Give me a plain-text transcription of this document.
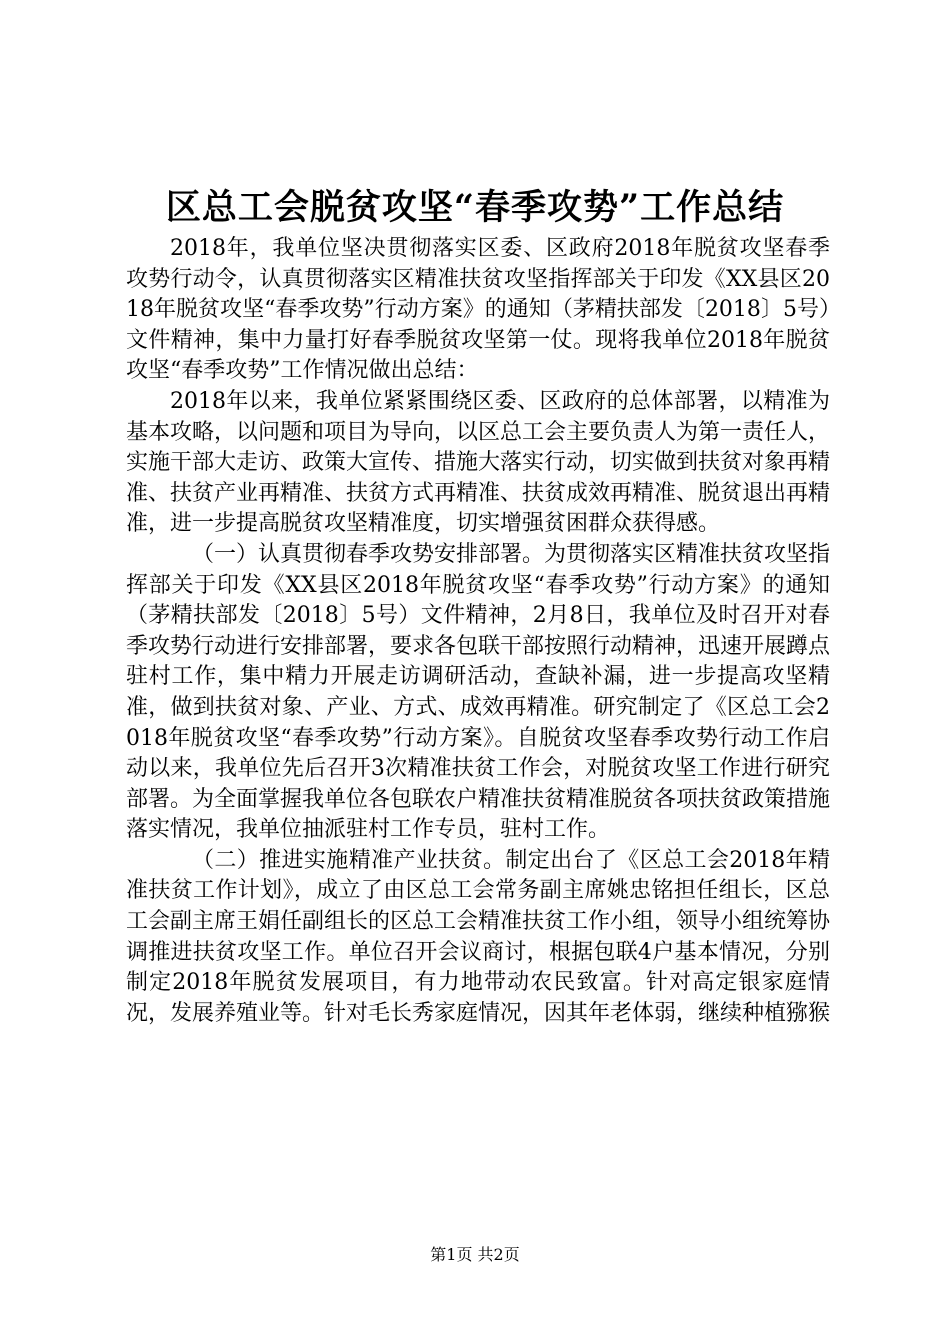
区总工会脱贫攻坚“春季攻势”工作总结

2018年，我单位坚决贯彻落实区委、区政府2018年脱贫攻坚春季攻势行动令，认真贯彻落实区精准扶贫攻坚指挥部关于印发《XX县区2018年脱贫攻坚“春季攻势”行动方案》的通知（茅精扶部发〔2018〕5号）文件精神，集中力量打好春季脱贫攻坚第一仗。现将我单位2018年脱贫攻坚“春季攻势”工作情况做出总结：

2018年以来，我单位紧紧围绕区委、区政府的总体部署，以精准为基本攻略，以问题和项目为导向，以区总工会主要负责人为第一责任人，实施干部大走访、政策大宣传、措施大落实行动，切实做到扶贫对象再精准、扶贫产业再精准、扶贫方式再精准、扶贫成效再精准、脱贫退出再精准，进一步提高脱贫攻坚精准度，切实增强贫困群众获得感。

（一）认真贯彻春季攻势安排部署。为贯彻落实区精准扶贫攻坚指挥部关于印发《XX县区2018年脱贫攻坚“春季攻势”行动方案》的通知（茅精扶部发〔2018〕5号）文件精神，2月8日，我单位及时召开对春季攻势行动进行安排部署，要求各包联干部按照行动精神，迅速开展蹲点驻村工作，集中精力开展走访调研活动，查缺补漏，进一步提高攻坚精准，做到扶贫对象、产业、方式、成效再精准。研究制定了《区总工会2018年脱贫攻坚“春季攻势”行动方案》。自脱贫攻坚春季攻势行动工作启动以来，我单位先后召开3次精准扶贫工作会，对脱贫攻坚工作进行研究部署。为全面掌握我单位各包联农户精准扶贫精准脱贫各项扶贫政策措施落实情况，我单位抽派驻村工作专员，驻村工作。

（二）推进实施精准产业扶贫。制定出台了《区总工会2018年精准扶贫工作计划》，成立了由区总工会常务副主席姚忠铭担任组长，区总工会副主席王娟任副组长的区总工会精准扶贫工作小组，领导小组统筹协调推进扶贫攻坚工作。单位召开会议商讨，根据包联4户基本情况，分别制定2018年脱贫发展项目，有力地带动农民致富。针对高定银家庭情况，发展养殖业等。针对毛长秀家庭情况，因其年老体弱，继续种植猕猴

第1页 共2页
